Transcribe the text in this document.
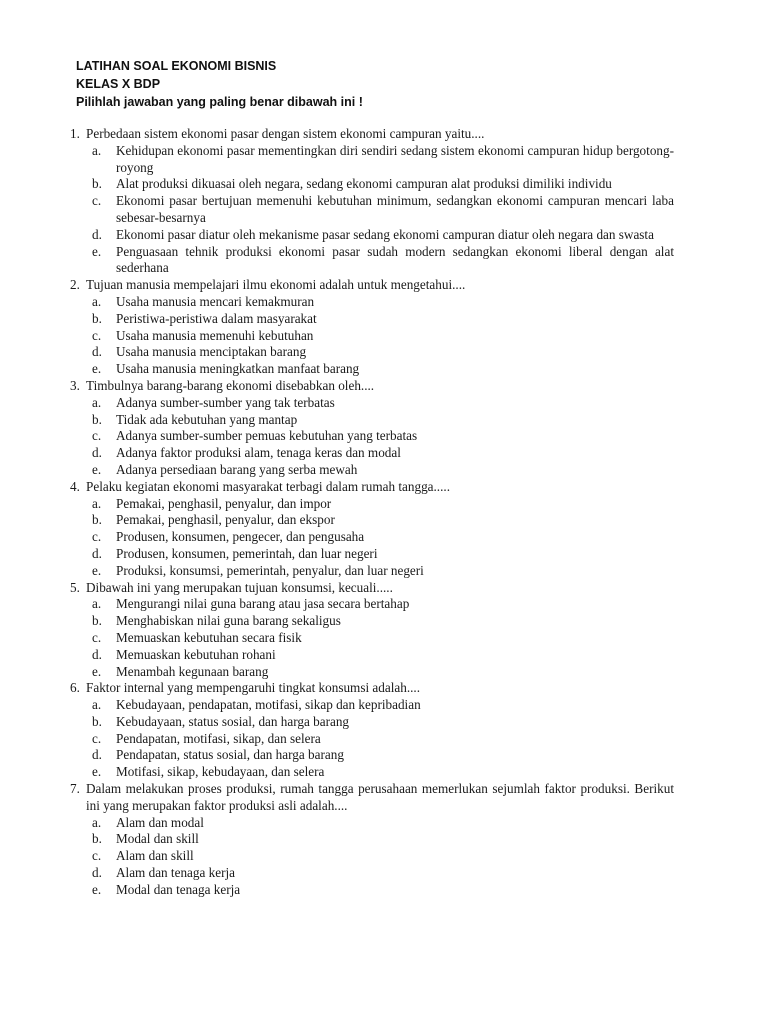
LATIHAN SOAL EKONOMI BISNIS
KELAS X BDP
Pilihlah jawaban yang paling benar dibawah ini !
1. Perbedaan sistem ekonomi pasar dengan sistem ekonomi campuran yaitu....
a.	Kehidupan ekonomi pasar mementingkan diri sendiri sedang sistem ekonomi campuran hidup bergotong-royong
b.	Alat produksi dikuasai oleh negara, sedang ekonomi campuran alat produksi dimiliki individu
c.	Ekonomi pasar bertujuan memenuhi kebutuhan minimum, sedangkan ekonomi campuran mencari laba sebesar-besarnya
d.	Ekonomi pasar diatur oleh mekanisme pasar sedang ekonomi campuran diatur oleh negara dan swasta
e.	Penguasaan tehnik produksi ekonomi pasar sudah modern sedangkan ekonomi liberal dengan alat sederhana
2. Tujuan manusia mempelajari ilmu ekonomi adalah untuk mengetahui....
a.	Usaha manusia mencari kemakmuran
b.	Peristiwa-peristiwa dalam masyarakat
c.	Usaha manusia memenuhi kebutuhan
d.	Usaha manusia menciptakan barang
e.	Usaha manusia meningkatkan manfaat barang
3. Timbulnya barang-barang ekonomi disebabkan oleh....
a.	Adanya sumber-sumber yang tak terbatas
b.	Tidak ada kebutuhan yang mantap
c.	Adanya sumber-sumber pemuas kebutuhan yang terbatas
d.	Adanya faktor produksi alam, tenaga keras dan modal
e.	Adanya persediaan barang yang serba mewah
4. Pelaku kegiatan ekonomi masyarakat terbagi dalam rumah tangga.....
a.	Pemakai, penghasil, penyalur, dan impor
b.	Pemakai, penghasil, penyalur, dan ekspor
c.	Produsen, konsumen, pengecer, dan pengusaha
d.	Produsen, konsumen, pemerintah, dan luar negeri
e.	Produksi, konsumsi, pemerintah, penyalur, dan luar negeri
5. Dibawah ini yang merupakan tujuan konsumsi, kecuali.....
a.	Mengurangi nilai guna barang atau jasa secara bertahap
b.	Menghabiskan nilai guna barang sekaligus
c.	Memuaskan kebutuhan secara fisik
d.	Memuaskan kebutuhan rohani
e.	Menambah kegunaan barang
6. Faktor internal yang mempengaruhi tingkat konsumsi adalah....
a.	Kebudayaan, pendapatan, motifasi, sikap dan kepribadian
b.	Kebudayaan, status sosial, dan harga barang
c.	Pendapatan, motifasi, sikap, dan selera
d.	Pendapatan, status sosial, dan harga barang
e.	Motifasi, sikap, kebudayaan, dan selera
7. Dalam melakukan proses produksi, rumah tangga perusahaan memerlukan sejumlah faktor produksi. Berikut ini yang merupakan faktor produksi asli adalah....
a.	Alam dan modal
b.	Modal dan skill
c.	Alam dan skill
d.	Alam dan tenaga kerja
e.	Modal dan tenaga kerja
